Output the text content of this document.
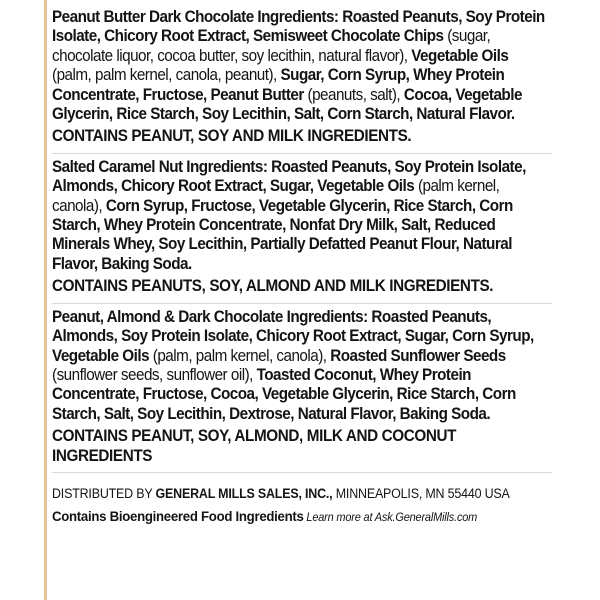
Peanut Butter Dark Chocolate Ingredients: Roasted Peanuts, Soy Protein Isolate, Chicory Root Extract, Semisweet Chocolate Chips (sugar, chocolate liquor, cocoa butter, soy lecithin, natural flavor), Vegetable Oils (palm, palm kernel, canola, peanut), Sugar, Corn Syrup, Whey Protein Concentrate, Fructose, Peanut Butter (peanuts, salt), Cocoa, Vegetable Glycerin, Rice Starch, Soy Lecithin, Salt, Corn Starch, Natural Flavor.
CONTAINS PEANUT, SOY AND MILK INGREDIENTS.
Salted Caramel Nut Ingredients: Roasted Peanuts, Soy Protein Isolate, Almonds, Chicory Root Extract, Sugar, Vegetable Oils (palm kernel, canola), Corn Syrup, Fructose, Vegetable Glycerin, Rice Starch, Corn Starch, Whey Protein Concentrate, Nonfat Dry Milk, Salt, Reduced Minerals Whey, Soy Lecithin, Partially Defatted Peanut Flour, Natural Flavor, Baking Soda.
CONTAINS PEANUTS, SOY, ALMOND AND MILK INGREDIENTS.
Peanut, Almond & Dark Chocolate Ingredients: Roasted Peanuts, Almonds, Soy Protein Isolate, Chicory Root Extract, Sugar, Corn Syrup, Vegetable Oils (palm, palm kernel, canola), Roasted Sunflower Seeds (sunflower seeds, sunflower oil), Toasted Coconut, Whey Protein Concentrate, Fructose, Cocoa, Vegetable Glycerin, Rice Starch, Corn Starch, Salt, Soy Lecithin, Dextrose, Natural Flavor, Baking Soda.
CONTAINS PEANUT, SOY, ALMOND, MILK AND COCONUT INGREDIENTS
DISTRIBUTED BY GENERAL MILLS SALES, INC., MINNEAPOLIS, MN 55440 USA
Contains Bioengineered Food Ingredients Learn more at Ask.GeneralMills.com
